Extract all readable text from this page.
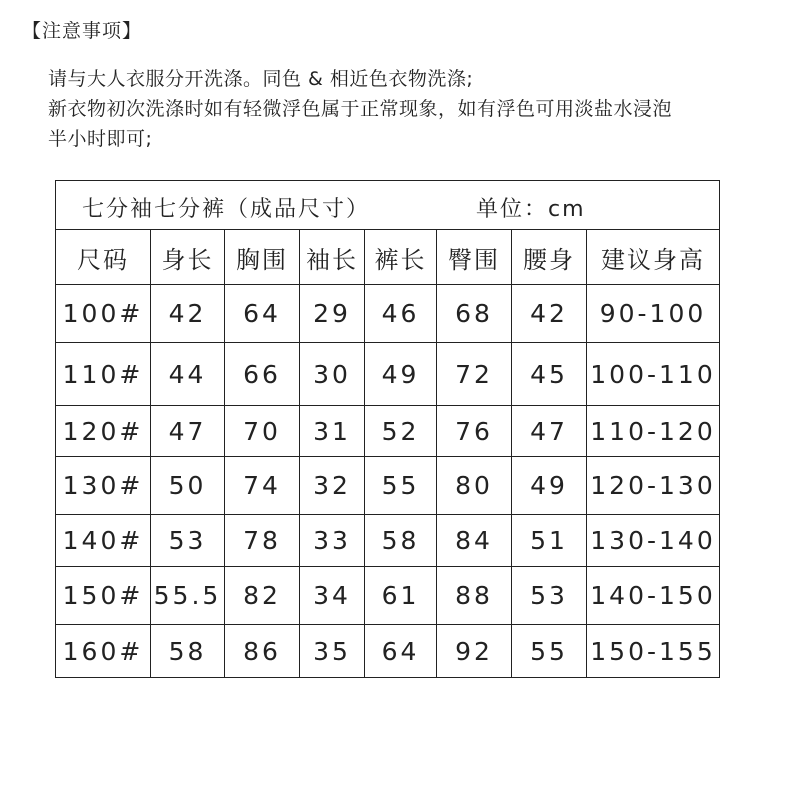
【注意事项】
请与大人衣服分开洗涤。同色 & 相近色衣物洗涤;
新衣物初次洗涤时如有轻微浮色属于正常现象，如有浮色可用淡盐水浸泡
半小时即可;
七分袖七分裤（成品尺寸） 单位：cm							

尺码	身长	胸围	袖长	裤长	臀围	腰身	建议身高
100#	42	64	29	46	68	42	90-100
110#	44	66	30	49	72	45	100-110
120#	47	70	31	52	76	47	110-120
130#	50	74	32	55	80	49	120-130
140#	53	78	33	58	84	51	130-140
150#	55.5	82	34	61	88	53	140-150
160#	58	86	35	64	92	55	150-155
